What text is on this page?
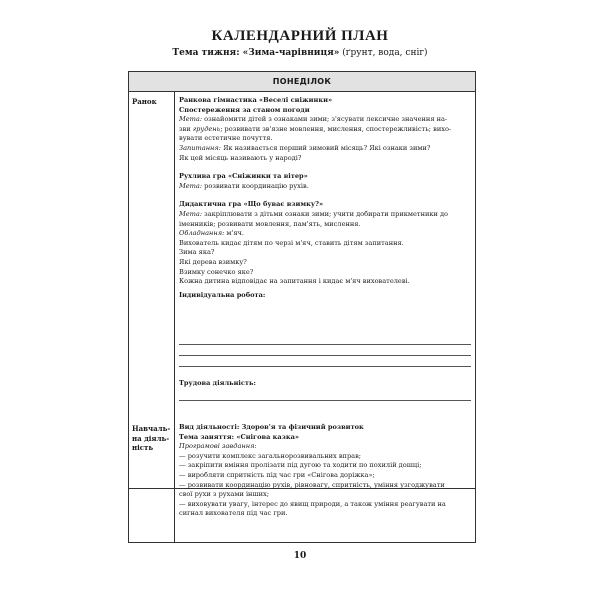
КАЛЕНДАРНИЙ ПЛАН
Тема тижня: «Зима-чарівниця» (ґрунт, вода, сніг)
ПОНЕДІЛОК
Ранок	Ранкова гімнастика «Веселі сніжинки»
Спостереження за станом погоди
Мета: ознайомити дітей з ознаками зими; з'ясувати лексичне значення на-
зви грудень; розвивати зв'язне мовлення, мислення, спостережливість; вихо-
вувати естетичне почуття.
Запитання: Як називається перший зимовий місяць? Які ознаки зими?
Як цей місяць називають у народі?
Рухлива гра «Сніжинки та вітер»
Мета: розвивати координацію рухів.
Дидактична гра «Що буває взимку?»
Мета: закріплювати з дітьми ознаки зими; учити добирати прикметники до
іменників; розвивати мовлення, пам'ять, мислення.
Обладнання: м'яч.
Вихователь кидає дітям по черзі м'яч, ставить дітям запитання.
Зима яка?
Які дерева взимку?
Взимку сонечко яке?
Кожна дитина відповідає на запитання і кидає м'яч вихователеві.
Індивідуальна робота:
Трудова діяльність:
Навчаль-
на діяль-
ність
Вид діяльності: Здоров'я та фізичний розвиток
Тема заняття: «Снігова казка»
Програмові завдання:
— розучити комплекс загальнорозвивальних вправ;
— закріпити вміння пролізати під дугою та ходити по похилій дошці;
— виробляти спритність під час гри «Снігова доріжка»;
— розвивати координацію рухів, рівновагу, спритність, уміння узгоджувати
свої рухи з рухами інших;
— виховувати увагу, інтерес до явищ природи, а також уміння реагувати на
сигнал вихователя під час гри.
10
